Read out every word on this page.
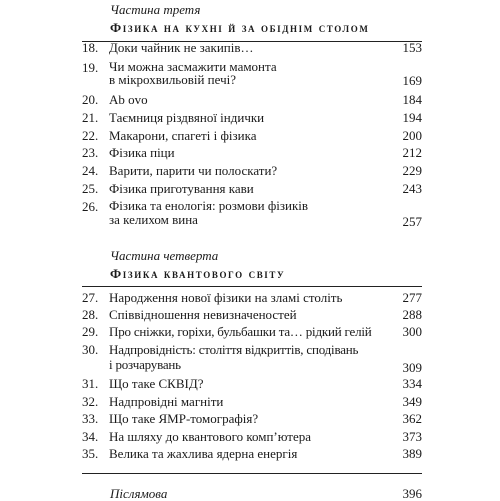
Частина третя
Фізика на кухні й за обіднім столом
18. Доки чайник не закипів…	153
19. Чи можна засмажити мамонта
в мікрохвильовій печі?	169
20. Ab ovo	184
21. Таємниця різдвяної індички	194
22. Макарони, спагеті і фізика	200
23. Фізика піци	212
24. Варити, парити чи полоскати?	229
25. Фізика приготування кави	243
26. Фізика та енологія: розмови фізиків
за келихом вина	257
Частина четверта
Фізика квантового світу
27. Народження нової фізики на зламі століть	277
28. Співвідношення невизначеностей	288
29. Про сніжки, горіхи, бульбашки та… рідкий гелій	300
30. Надпровідність: століття відкриттів, сподівань
і розчарувань	309
31. Що таке СКВІД?	334
32. Надпровідні магніти	349
33. Що таке ЯМР-томографія?	362
34. На шляху до квантового комп’ютера	373
35. Велика та жахлива ядерна енергія	389
Післямова	396
